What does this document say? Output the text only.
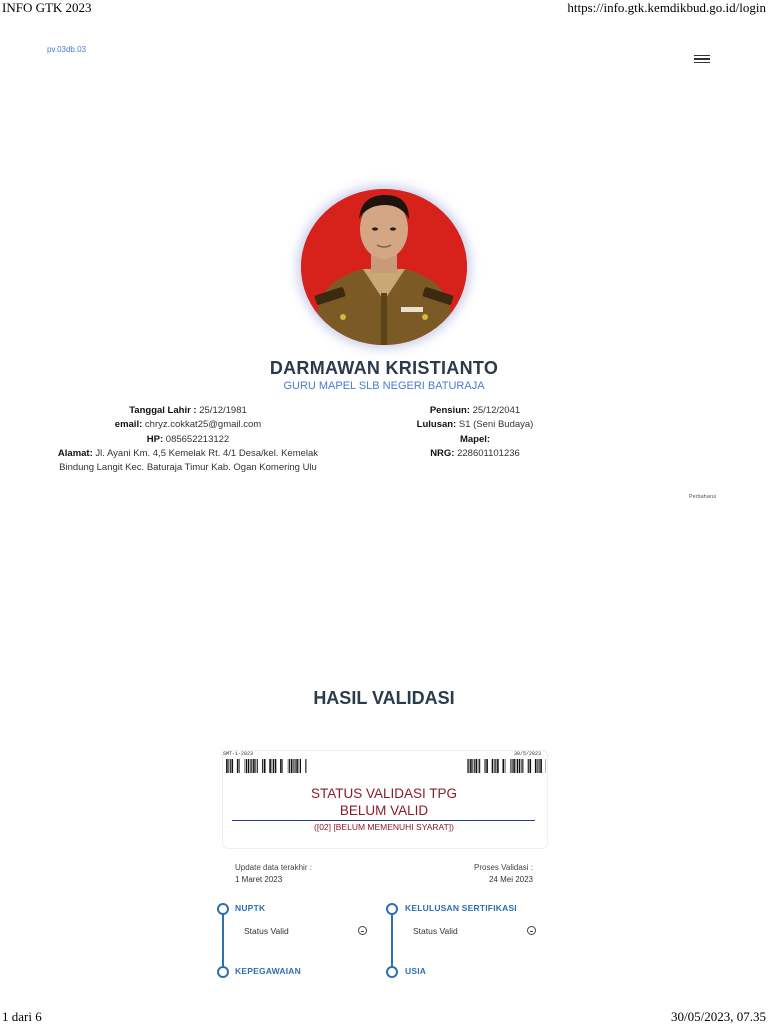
INFO GTK 2023	https://info.gtk.kemdikbud.go.id/login
1 dari 6	30/05/2023, 07.35
pv.03db.03
DARMAWAN KRISTIANTO
GURU MAPEL SLB NEGERI BATURAJA
Tanggal Lahir : 25/12/1981
email: chryz.cokkat25@gmail.com
HP: 085652213122
Alamat: Jl. Ayani Km. 4,5 Kemelak Rt. 4/1 Desa/kel. Kemelak Bindung Langit Kec. Baturaja Timur Kab. Ogan Komering Ulu
Pensiun: 25/12/2041
Lulusan: S1 (Seni Budaya)
Mapel:
NRG: 228601101236
Perbaharui
HASIL VALIDASI
SMT-1-2023	30/5/2023
STATUS VALIDASI TPG
BELUM VALID
([02] [BELUM MEMENUHI SYARAT])
Update data terakhir :
1 Maret 2023
Proses Validasi :
24 Mei 2023
NUPTK
Status Valid
KEPEGAWAIAN
KELULUSAN SERTIFIKASI
Status Valid
USIA
